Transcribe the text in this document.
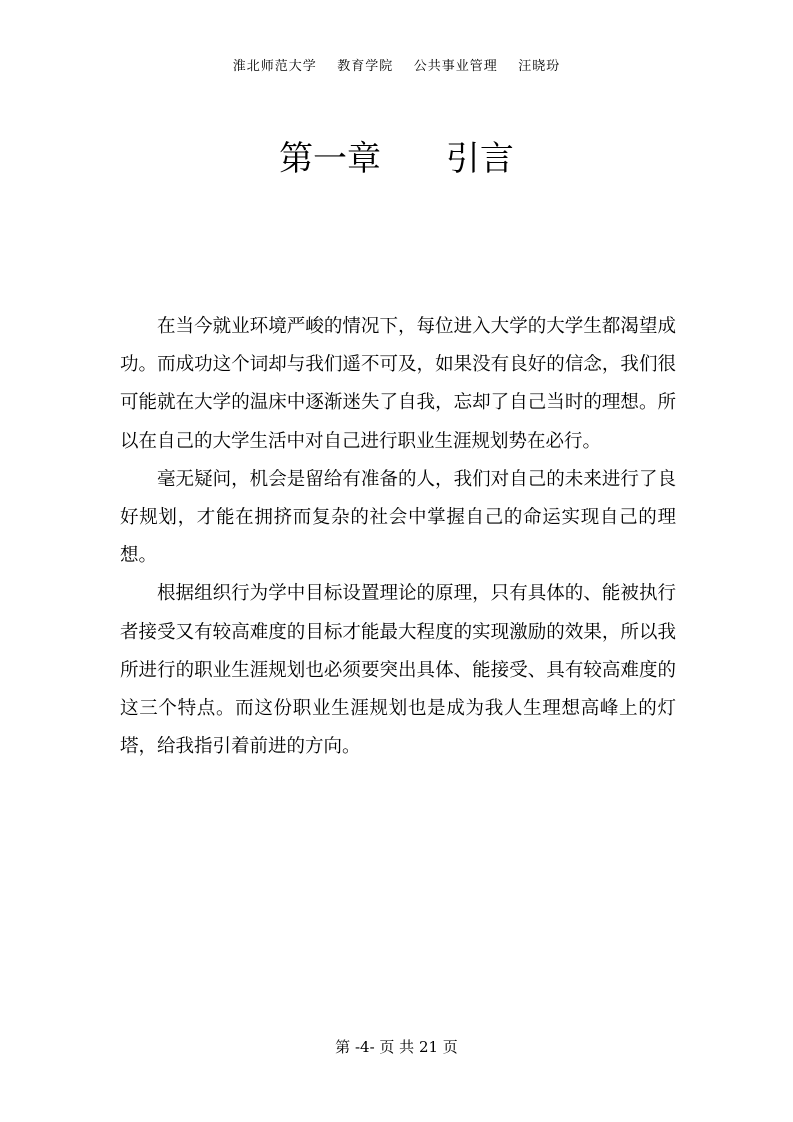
淮北师范大学    教育学院    公共事业管理    汪晓玢
第一章      引言

在当今就业环境严峻的情况下，每位进入大学的大学生都渴望成功。而成功这个词却与我们遥不可及，如果没有良好的信念，我们很可能就在大学的温床中逐渐迷失了自我，忘却了自己当时的理想。所以在自己的大学生活中对自己进行职业生涯规划势在必行。

毫无疑问，机会是留给有准备的人，我们对自己的未来进行了良好规划，才能在拥挤而复杂的社会中掌握自己的命运实现自己的理想。

根据组织行为学中目标设置理论的原理，只有具体的、能被执行者接受又有较高难度的目标才能最大程度的实现激励的效果，所以我所进行的职业生涯规划也必须要突出具体、能接受、具有较高难度的这三个特点。而这份职业生涯规划也是成为我人生理想高峰上的灯塔，给我指引着前进的方向。

第 -4- 页 共 21 页
